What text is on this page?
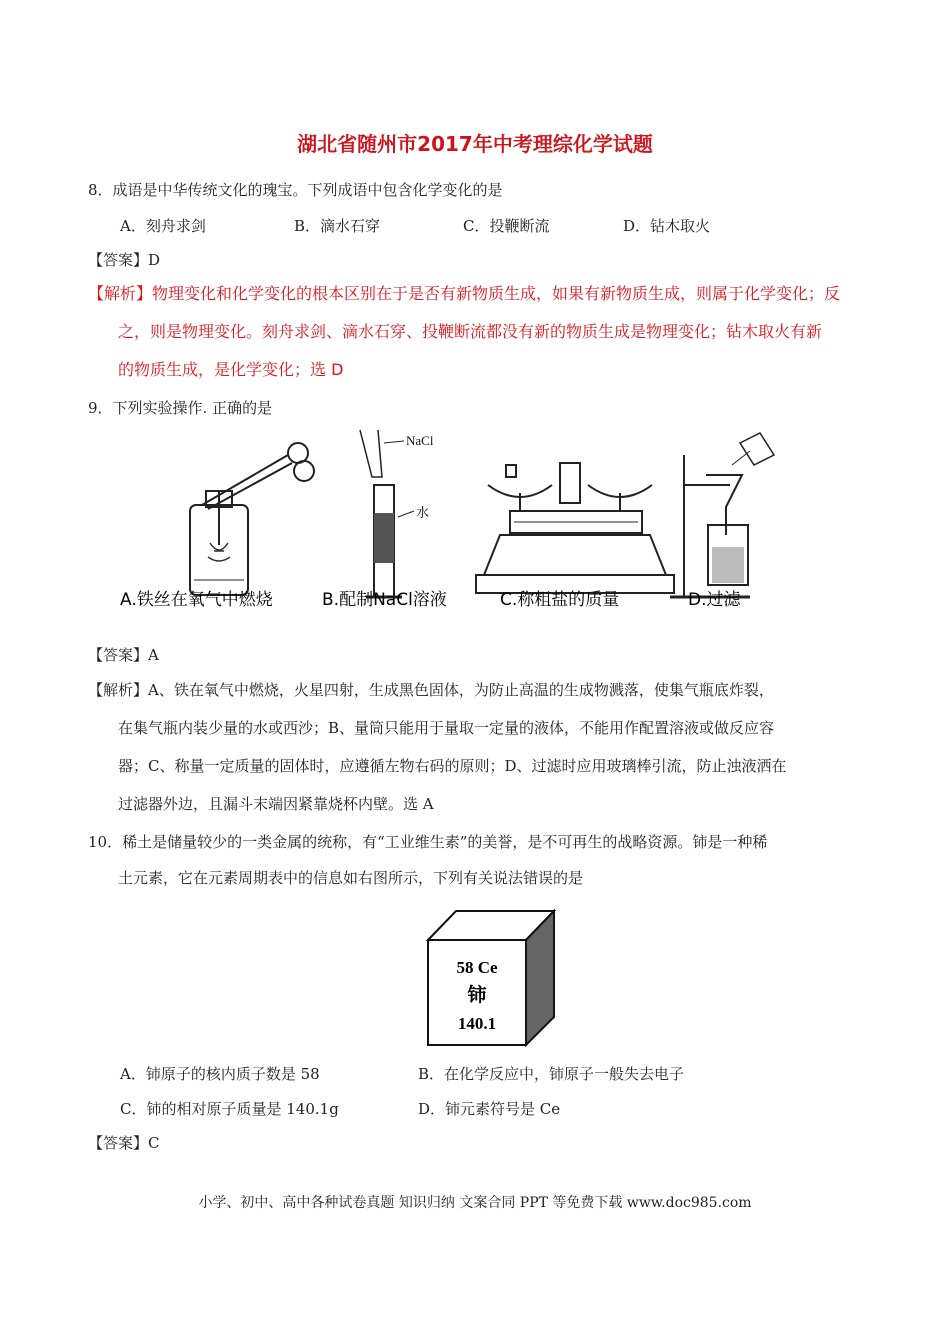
湖北省随州市2017年中考理综化学试题
8．成语是中华传统文化的瑰宝。下列成语中包含化学变化的是
A．刻舟求剑	B．滴水石穿	C．投鞭断流	D．钻木取火
【答案】D
【解析】物理变化和化学变化的根本区别在于是否有新物质生成，如果有新物质生成，则属于化学变化；反
之，则是物理变化。刻舟求剑、滴水石穿、投鞭断流都没有新的物质生成是物理变化；钻木取火有新
的物质生成，是化学变化；选 D
9．下列实验操作. 正确的是
NaCl
水
A.铁丝在氧气中燃烧	B.配制NaCl溶液	C.称粗盐的质量	D.过滤
【答案】A
【解析】A、铁在氧气中燃烧，火星四射，生成黑色固体，为防止高温的生成物溅落，使集气瓶底炸裂，
在集气瓶内装少量的水或西沙；B、量筒只能用于量取一定量的液体，不能用作配置溶液或做反应容
器；C、称量一定质量的固体时，应遵循左物右码的原则；D、过滤时应用玻璃棒引流，防止浊液洒在
过滤器外边，且漏斗末端因紧靠烧杯内壁。选 A
10．稀土是储量较少的一类金属的统称，有“工业维生素”的美誉，是不可再生的战略资源。铈是一种稀
土元素，它在元素周期表中的信息如右图所示，下列有关说法错误的是
58 Ce
铈
140.1
A．铈原子的核内质子数是 58	B．在化学反应中，铈原子一般失去电子
C．铈的相对原子质量是 140.1g	D．铈元素符号是 Ce
【答案】C
小学、初中、高中各种试卷真题 知识归纳 文案合同 PPT 等免费下载 www.doc985.com
